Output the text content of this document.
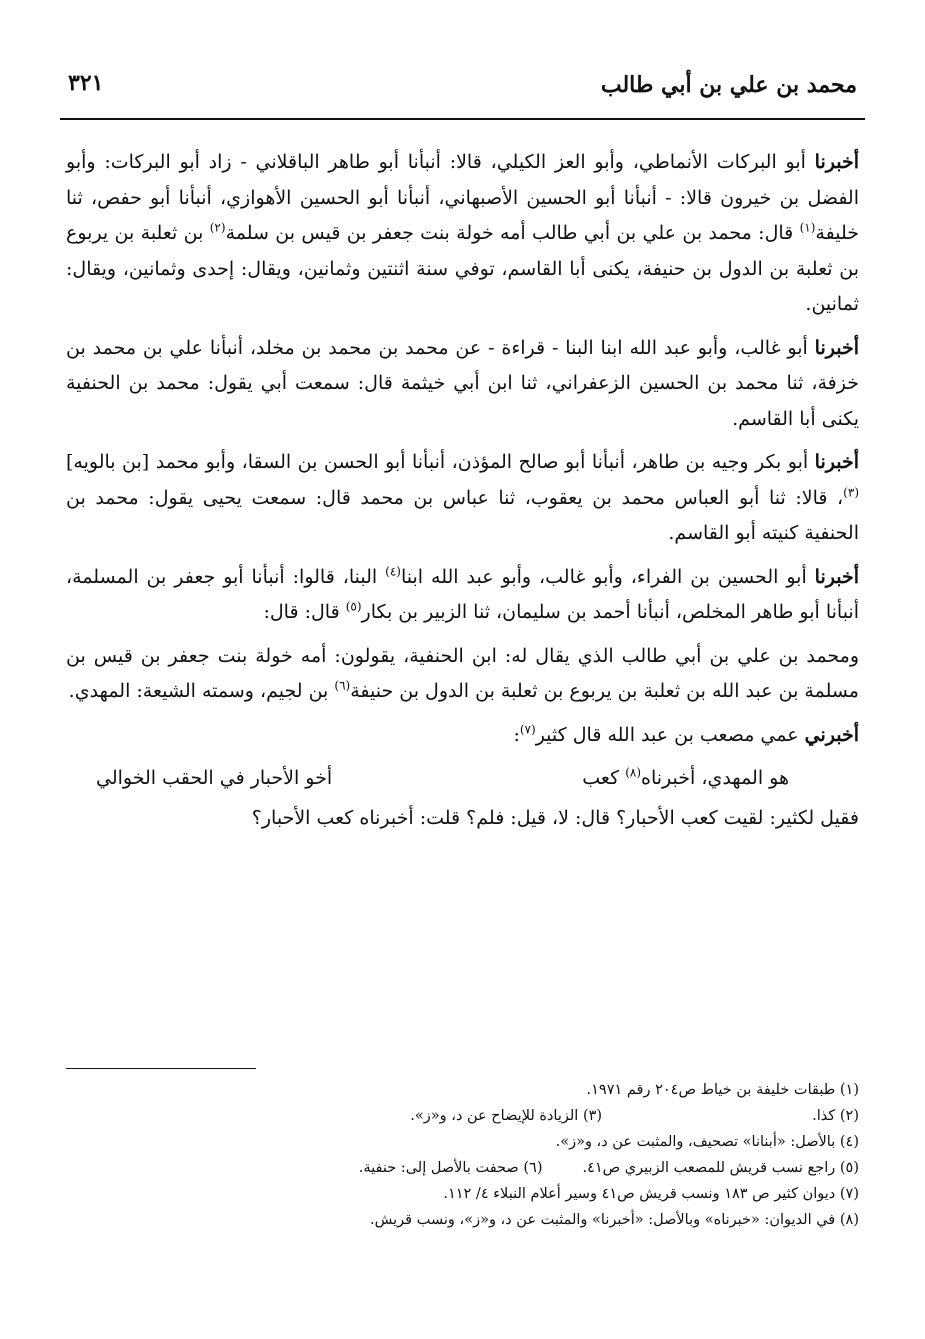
محمد بن علي بن أبي طالب
٣٢١

أخبرنا أبو البركات الأنماطي، وأبو العز الكيلي، قالا: أنبأنا أبو طاهر الباقلاني - زاد أبو البركات: وأبو الفضل بن خيرون قالا: - أنبأنا أبو الحسين الأصبهاني، أنبأنا أبو الحسين الأهوازي، أنبأنا أبو حفص، ثنا خليفة$^{(١)}$ قال: محمد بن علي بن أبي طالب أمه خولة بنت جعفر بن قيس بن سلمة$^{(٢)}$ بن ثعلبة بن يربوع بن ثعلبة بن الدول بن حنيفة، يكنى أبا القاسم، توفي سنة اثنتين وثمانين، ويقال: إحدى وثمانين، ويقال: ثمانين.

أخبرنا أبو غالب، وأبو عبد الله ابنا البنا - قراءة - عن محمد بن محمد بن مخلد، أنبأنا علي بن محمد بن خزفة، ثنا محمد بن الحسين الزعفراني، ثنا ابن أبي خيثمة قال: سمعت أبي يقول: محمد بن الحنفية يكنى أبا القاسم.

أخبرنا أبو بكر وجيه بن طاهر، أنبأنا أبو صالح المؤذن، أنبأنا أبو الحسن بن السقا، وأبو محمد [بن بالويه]$^{(٣)}$، قالا: ثنا أبو العباس محمد بن يعقوب، ثنا عباس بن محمد قال: سمعت يحيى يقول: محمد بن الحنفية كنيته أبو القاسم.

أخبرنا أبو الحسين بن الفراء، وأبو غالب، وأبو عبد الله ابنا$^{(٤)}$ البنا، قالوا: أنبأنا أبو جعفر بن المسلمة، أنبأنا أبو طاهر المخلص، أنبأنا أحمد بن سليمان، ثنا الزبير بن بكار$^{(٥)}$ قال: قال:

ومحمد بن علي بن أبي طالب الذي يقال له: ابن الحنفية، يقولون: أمه خولة بنت جعفر بن قيس بن مسلمة بن عبد الله بن ثعلبة بن يربوع بن ثعلبة بن الدول بن حنيفة$^{(٦)}$ بن لجيم، وسمته الشيعة: المهدي.

أخبرني عمي مصعب بن عبد الله قال كثير$^{(٧)}$:

هو المهدي، أخبرناه$^{(٨)}$ كعب
أخو الأحبار في الحقب الخوالي

فقيل لكثير: لقيت كعب الأحبار؟ قال: لا، قيل: فلم؟ قلت: أخبرناه كعب الأحبار؟

(١) طبقات خليفة بن خياط ص٢٠٤ رقم ١٩٧١.
(٢) كذا.(٣) الزيادة للإيضاح عن د، و«ز».
(٤) بالأصل: «أبنانا» تصحيف، والمثبت عن د، و«ز».
(٥) راجع نسب قريش للمصعب الزبيري ص٤١.(٦) صحفت بالأصل إلى: حنفية.
(٧) ديوان كثير ص ١٨٣ ونسب قريش ص٤١ وسير أعلام النبلاء ٤/ ١١٢.
(٨) في الديوان: «خبرناه» وبالأصل: «أخبرنا» والمثبت عن د، و«ز»، ونسب قريش.
